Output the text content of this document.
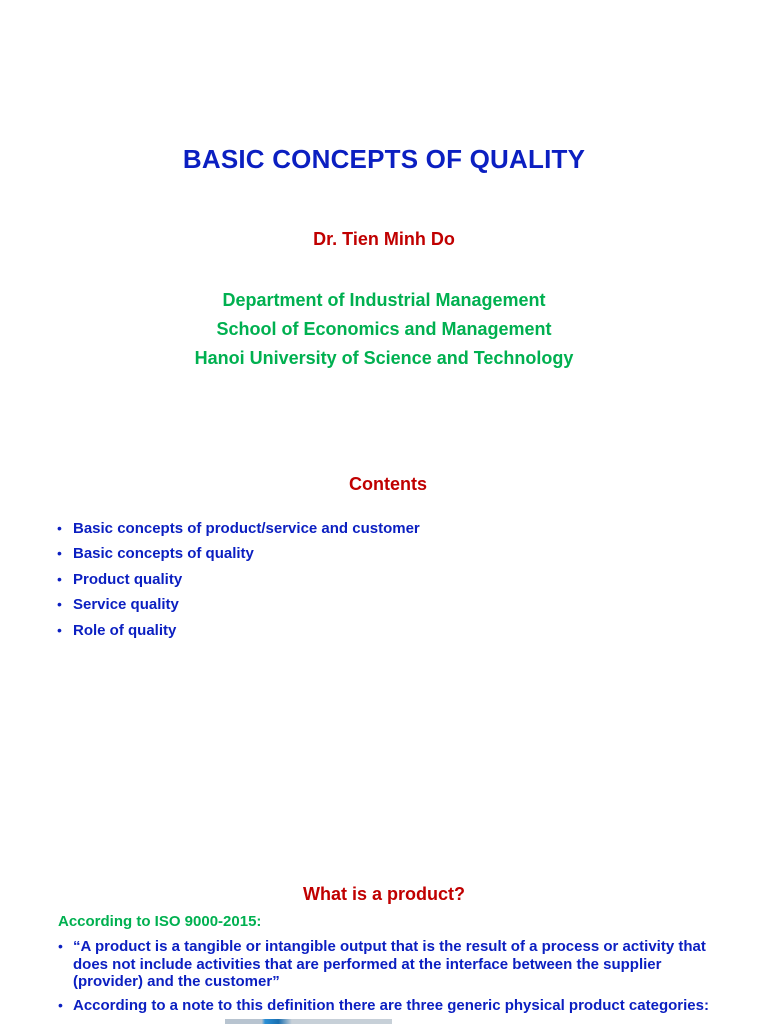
BASIC CONCEPTS OF QUALITY
Dr. Tien Minh Do
Department of Industrial Management
School of Economics and Management
Hanoi University of Science and Technology
Contents
• Basic concepts of product/service and customer
• Basic concepts of quality
• Product quality
• Service quality
• Role of quality
What is a product?
According to ISO 9000-2015:
• “A product is a tangible or intangible output that is the result of a process or activity that does not include activities that are performed at the interface between the supplier (provider) and the customer”
• According to a note to this definition there are three generic physical product categories:
